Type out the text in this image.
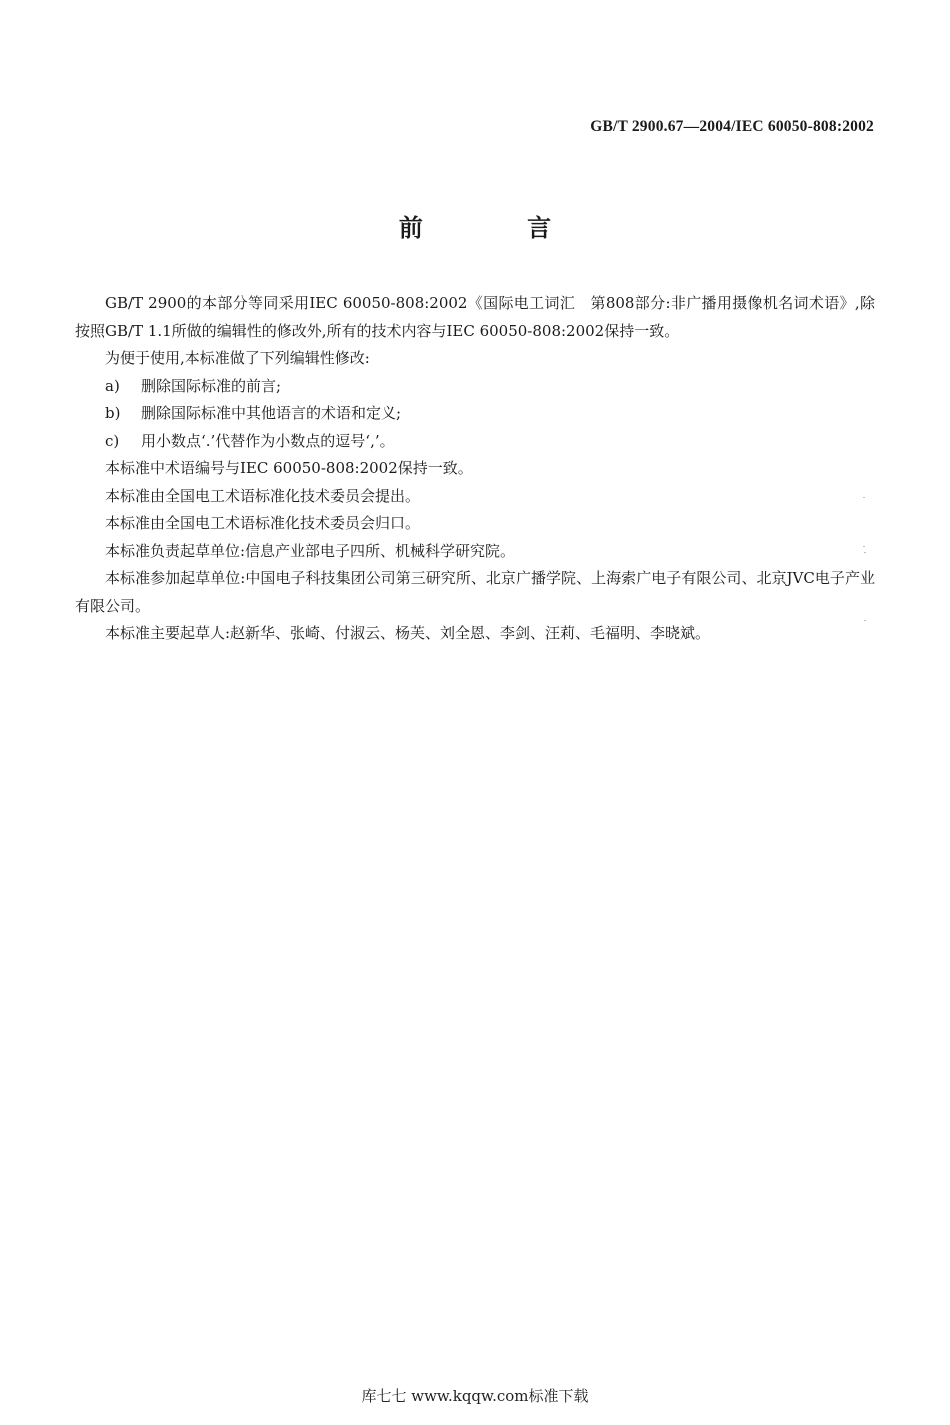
GB/T 2900.67—2004/IEC 60050-808:2002
前 言

GB/T 2900的本部分等同采用IEC 60050-808:2002《国际电工词汇　第808部分:非广播用摄像机名词术语》,除按照GB/T 1.1所做的编辑性的修改外,所有的技术内容与IEC 60050-808:2002保持一致。

为便于使用,本标准做了下列编辑性修改:

a) 删除国际标准的前言;

b) 删除国际标准中其他语言的术语和定义;

c) 用小数点‘.’代替作为小数点的逗号‘,’。

本标准中术语编号与IEC 60050-808:2002保持一致。

本标准由全国电工术语标准化技术委员会提出。

本标准由全国电工术语标准化技术委员会归口。

本标准负责起草单位:信息产业部电子四所、机械科学研究院。

本标准参加起草单位:中国电子科技集团公司第三研究所、北京广播学院、上海索广电子有限公司、北京JVC电子产业有限公司。

本标准主要起草人:赵新华、张崎、付淑云、杨芙、刘全恩、李剑、汪莉、毛福明、李晓斌。

库七七 www.kqqw.com标准下载
